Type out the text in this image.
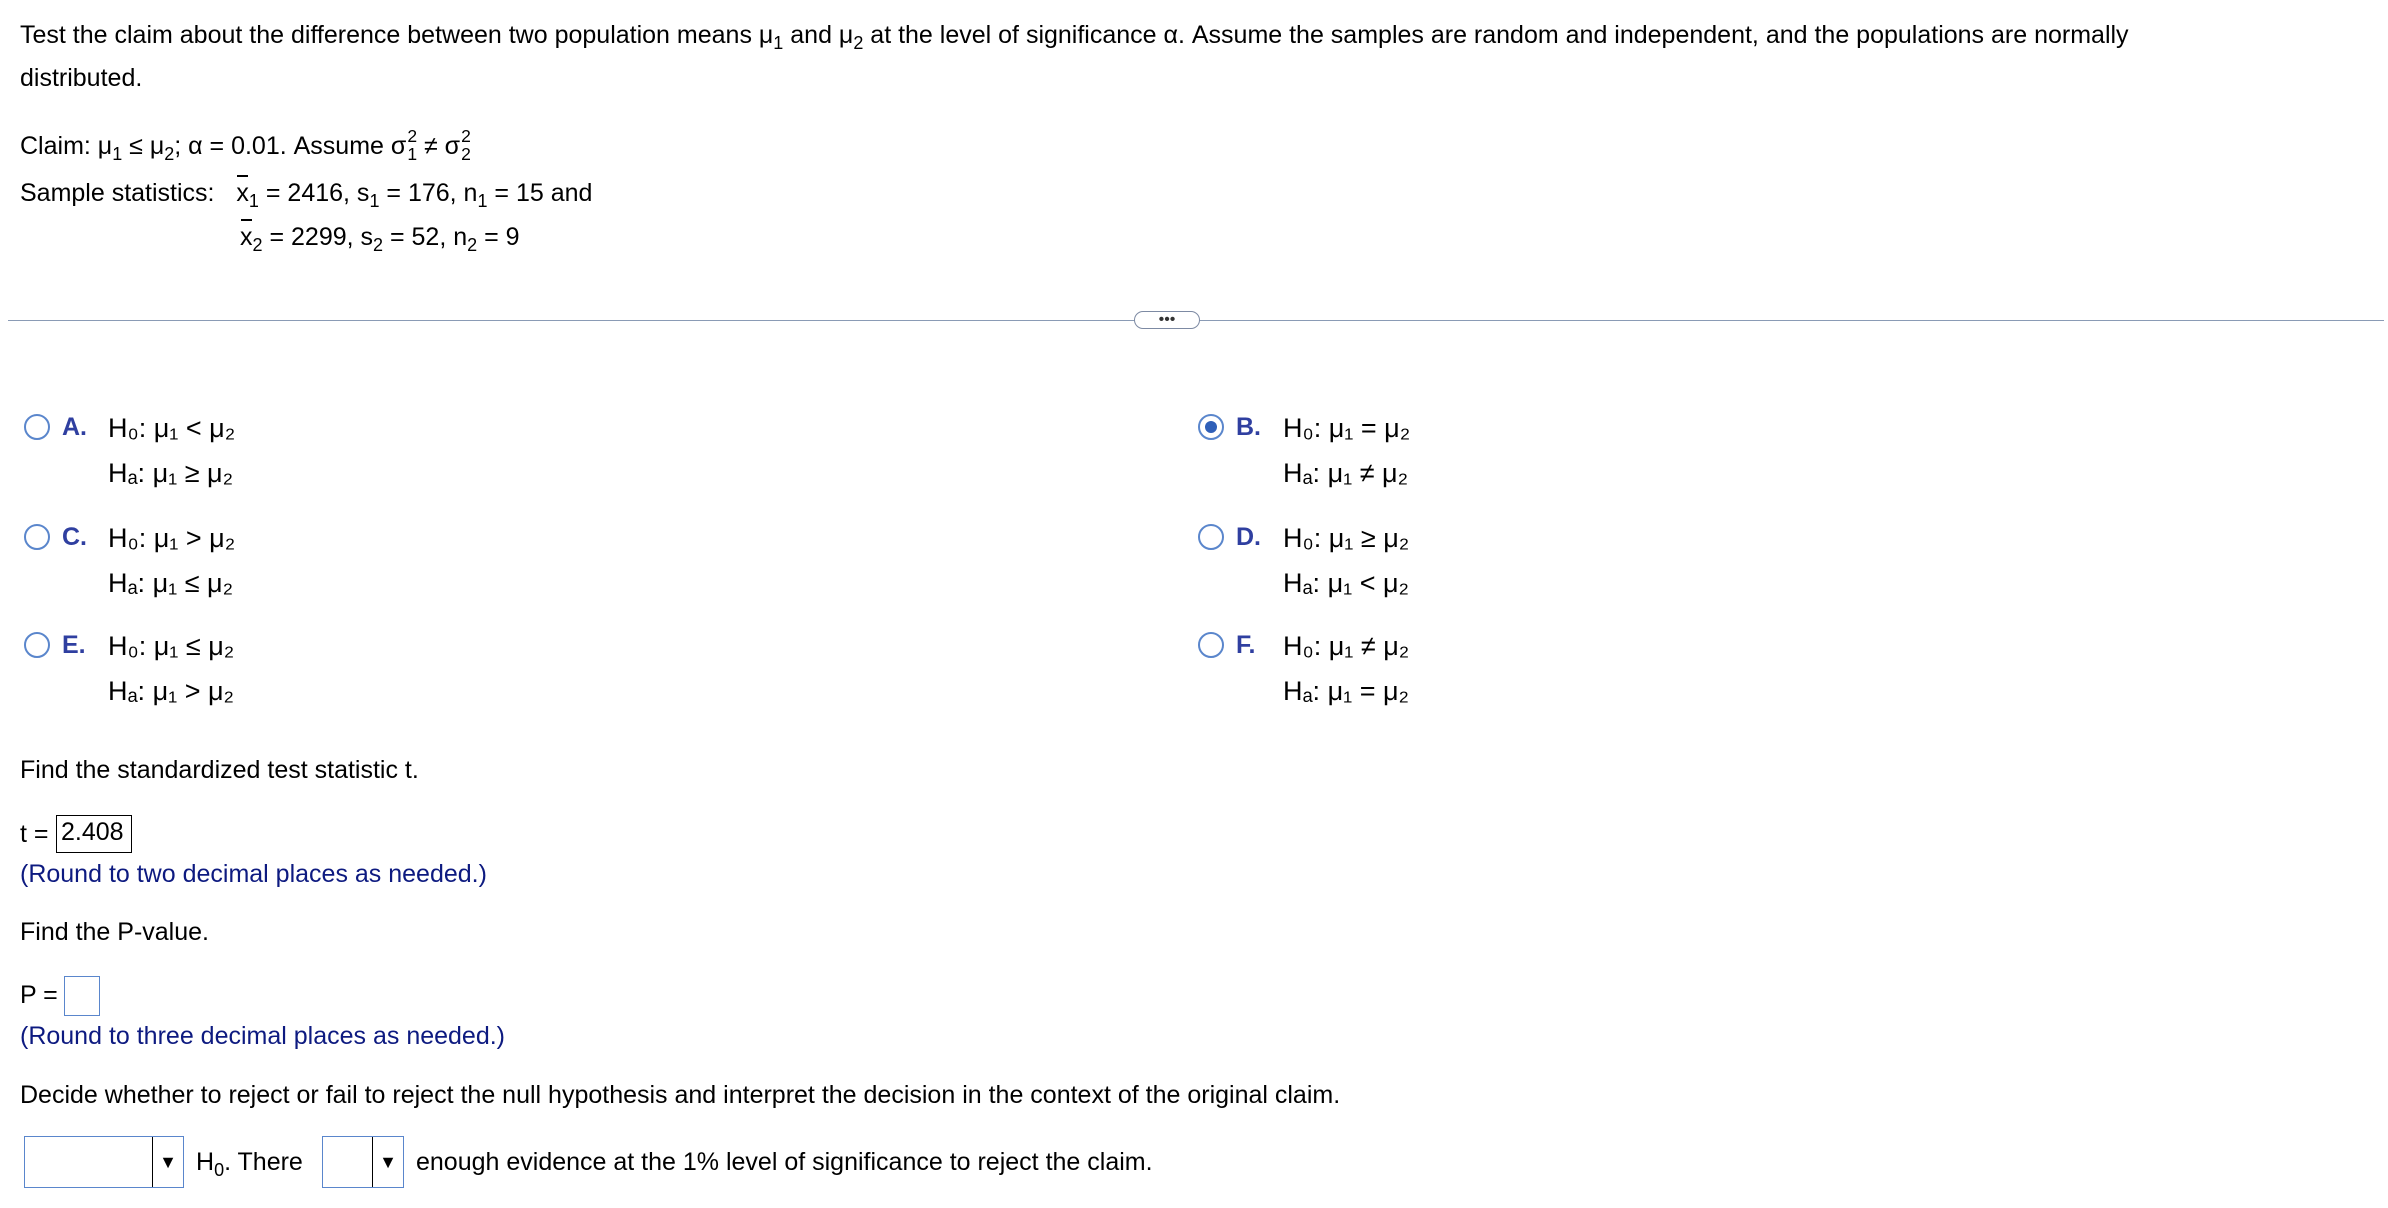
Test the claim about the difference between two population means $\mu_1$ and $\mu_2$ at the level of significance α. Assume the samples are random and independent, and the populations are normally
distributed.
Claim: $\mu_1 \le \mu_2$; α = 0.01. Assume σ 2
1 ≠ σ 2
2
Sample statistics: $x_1 = 2416$, $s_1 = 176$, $n_1 = 15$ and
$x_2 = 2299$, $s_2 = 52$, $n_2 = 9$
•••
A. H₀: μ₁ < μ₂
Hₐ: μ₁ ≥ μ₂
B. H₀: μ₁ = μ₂
Hₐ: μ₁ ≠ μ₂
C. H₀: μ₁ > μ₂
Hₐ: μ₁ ≤ μ₂
D. H₀: μ₁ ≥ μ₂
Hₐ: μ₁ < μ₂
E. H₀: μ₁ ≤ μ₂
Hₐ: μ₁ > μ₂
F. H₀: μ₁ ≠ μ₂
Hₐ: μ₁ = μ₂
Find the standardized test statistic t.
t = 2.408
(Round to two decimal places as needed.)
Find the P-value.
P =
(Round to three decimal places as needed.)
Decide whether to reject or fail to reject the null hypothesis and interpret the decision in the context of the original claim.
▼ $H_0$. There	▼ enough evidence at the 1% level of significance to reject the claim.
